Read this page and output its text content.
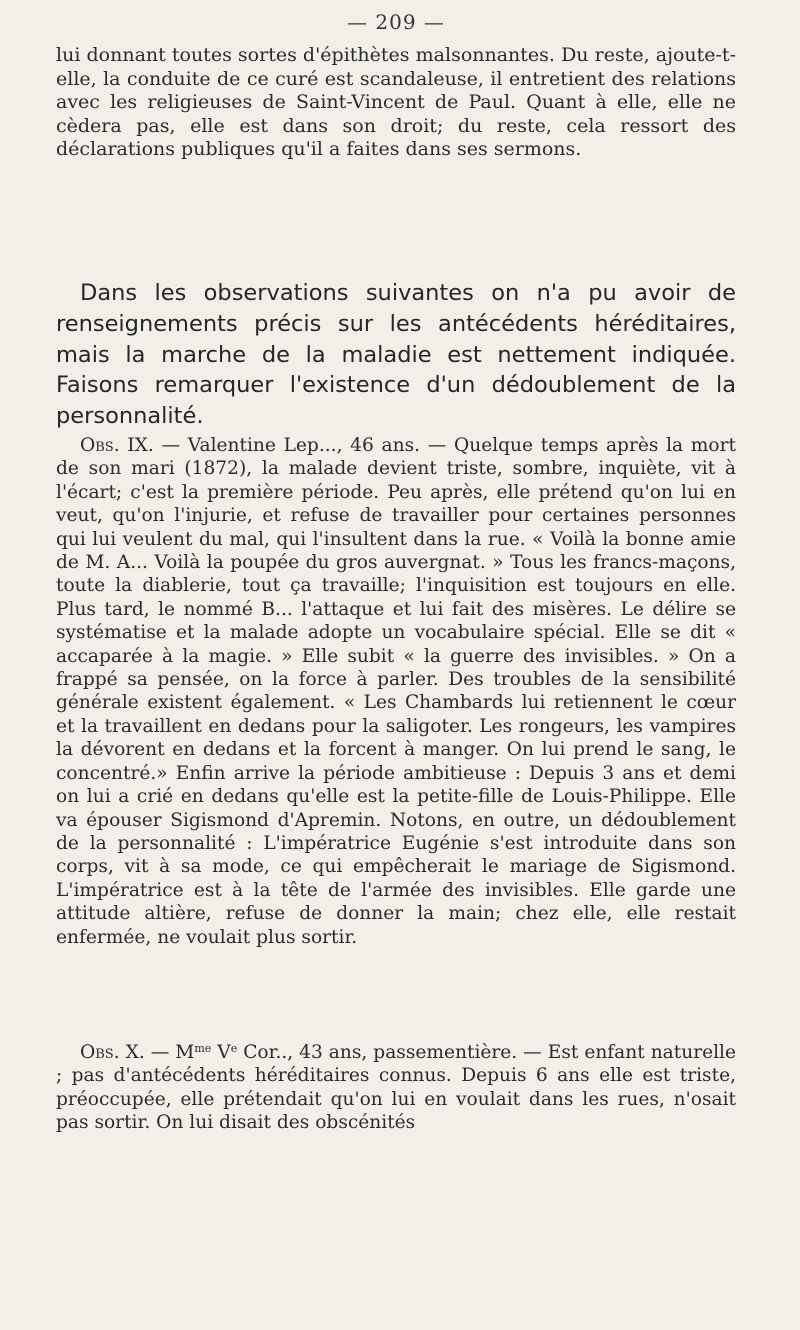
— 209 —

lui donnant toutes sortes d'épithètes malsonnantes. Du reste, ajoute-t-elle, la conduite de ce curé est scandaleuse, il entretient des relations avec les religieuses de Saint-Vincent de Paul. Quant à elle, elle ne cèdera pas, elle est dans son droit; du reste, cela ressort des déclarations publiques qu'il a faites dans ses sermons.

Dans les observations suivantes on n'a pu avoir de renseignements précis sur les antécédents héréditaires, mais la marche de la maladie est nettement indiquée. Faisons remarquer l'existence d'un dédoublement de la personnalité.

Obs. IX. — Valentine Lep..., 46 ans. — Quelque temps après la mort de son mari (1872), la malade devient triste, sombre, inquiète, vit à l'écart; c'est la première période. Peu après, elle prétend qu'on lui en veut, qu'on l'injurie, et refuse de travailler pour certaines personnes qui lui veulent du mal, qui l'insultent dans la rue. « Voilà la bonne amie de M. A... Voilà la poupée du gros auvergnat. » Tous les francs-maçons, toute la diablerie, tout ça travaille; l'inquisition est toujours en elle. Plus tard, le nommé B... l'attaque et lui fait des misères. Le délire se systématise et la malade adopte un vocabulaire spécial. Elle se dit « accaparée à la magie. » Elle subit « la guerre des invisibles. » On a frappé sa pensée, on la force à parler. Des troubles de la sensibilité générale existent également. « Les Chambards lui retiennent le cœur et la travaillent en dedans pour la saligoter. Les rongeurs, les vampires la dévorent en dedans et la forcent à manger. On lui prend le sang, le concentré.» Enfin arrive la période ambitieuse : Depuis 3 ans et demi on lui a crié en dedans qu'elle est la petite-fille de Louis-Philippe. Elle va épouser Sigismond d'Apremin. Notons, en outre, un dédoublement de la personnalité : L'impératrice Eugénie s'est introduite dans son corps, vit à sa mode, ce qui empêcherait le mariage de Sigismond. L'impératrice est à la tête de l'armée des invisibles. Elle garde une attitude altière, refuse de donner la main; chez elle, elle restait enfermée, ne voulait plus sortir.

Obs. X. — $M^{me}$ Ve Cor.., 43 ans, passementière. — Est enfant naturelle ; pas d'antécédents héréditaires connus. Depuis 6 ans elle est triste, préoccupée, elle prétendait qu'on lui en voulait dans les rues, n'osait pas sortir. On lui disait des obscénités
